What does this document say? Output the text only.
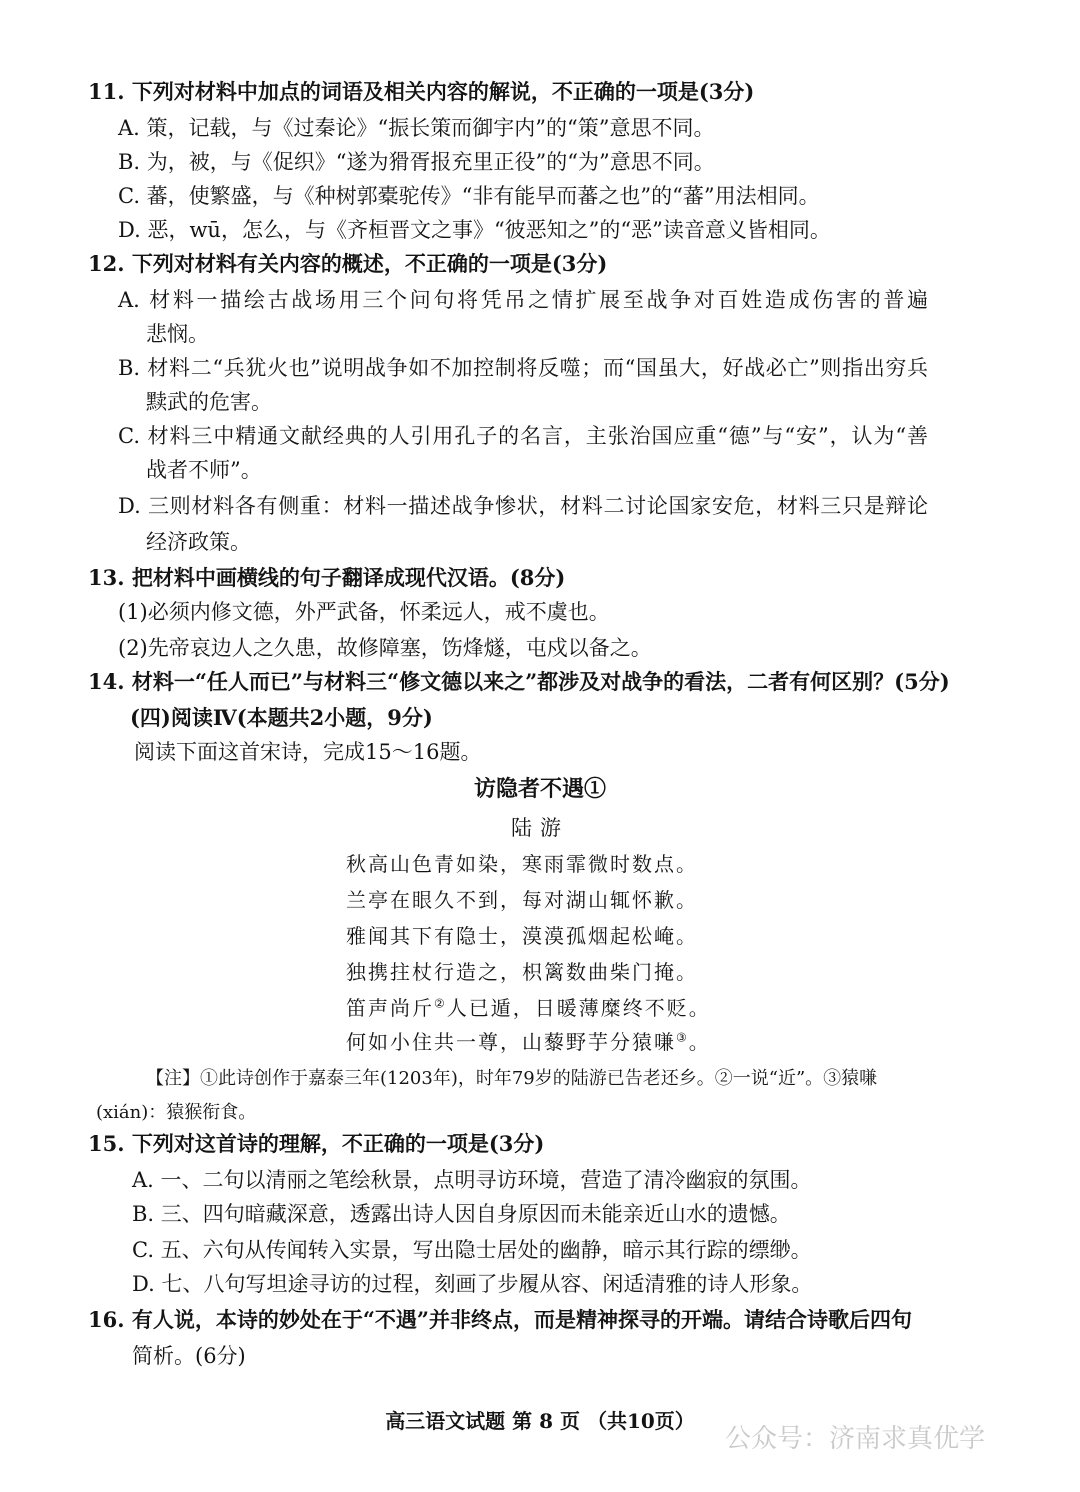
11. 下列对材料中加点的词语及相关内容的解说，不正确的一项是(3分)
A. 策，记载，与《过秦论》“振长策而御宇内”的“策”意思不同。
B. 为，被，与《促织》“遂为猾胥报充里正役”的“为”意思不同。
C. 蕃，使繁盛，与《种树郭橐驼传》“非有能早而蕃之也”的“蕃”用法相同。
D. 恶，wū，怎么，与《齐桓晋文之事》“彼恶知之”的“恶”读音意义皆相同。
12. 下列对材料有关内容的概述，不正确的一项是(3分)
A. 材料一描绘古战场用三个问句将凭吊之情扩展至战争对百姓造成伤害的普遍
悲悯。
B. 材料二“兵犹火也”说明战争如不加控制将反噬；而“国虽大，好战必亡”则指出穷兵
黩武的危害。
C. 材料三中精通文献经典的人引用孔子的名言，主张治国应重“德”与“安”，认为“善
战者不师”。
D. 三则材料各有侧重：材料一描述战争惨状，材料二讨论国家安危，材料三只是辩论
经济政策。
13. 把材料中画横线的句子翻译成现代汉语。(8分)
(1)必须内修文德，外严武备，怀柔远人，戒不虞也。
(2)先帝哀边人之久患，故修障塞，饬烽燧，屯戍以备之。
14. 材料一“任人而已”与材料三“修文德以来之”都涉及对战争的看法，二者有何区别？(5分)
(四)阅读Ⅳ(本题共2小题，9分)
阅读下面这首宋诗，完成15～16题。
访隐者不遇①
陆游
秋高山色青如染，寒雨霏微时数点。
兰亭在眼久不到，每对湖山辄怀歉。
雅闻其下有隐士，漠漠孤烟起松崦。
独携拄杖行造之，枳篱数曲柴门掩。
笛声尚斤②人已遁，日暖薄糜终不贬。
何如小住共一尊，山藜野芋分猿嗛③。
【注】①此诗创作于嘉泰三年(1203年)，时年79岁的陆游已告老还乡。②一说“近”。③猿嗛
(xián)：猿猴衔食。
15. 下列对这首诗的理解，不正确的一项是(3分)
A. 一、二句以清丽之笔绘秋景，点明寻访环境，营造了清冷幽寂的氛围。
B. 三、四句暗藏深意，透露出诗人因自身原因而未能亲近山水的遗憾。
C. 五、六句从传闻转入实景，写出隐士居处的幽静，暗示其行踪的缥缈。
D. 七、八句写坦途寻访的过程，刻画了步履从容、闲适清雅的诗人形象。
16. 有人说，本诗的妙处在于“不遇”并非终点，而是精神探寻的开端。请结合诗歌后四句
简析。(6分)
高三语文试题 第 8 页 （共10页）
公众号：济南求真优学
